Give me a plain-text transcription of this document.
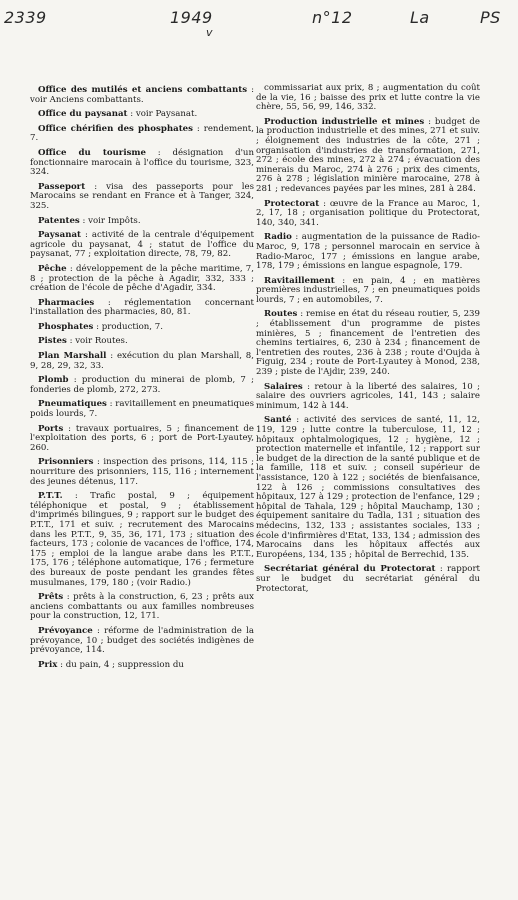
2339	1949
v
n°12	La	PS

Office des mutilés et anciens combattants : voir Anciens combattants.

Office du paysanat : voir Paysanat.

Office chérifien des phosphates : rendement, 7.

Office du tourisme : désignation d'un fonctionnaire marocain à l'office du tourisme, 323, 324.

Passeport : visa des passeports pour les Marocains se rendant en France et à Tanger, 324, 325.

Patentes : voir Impôts.

Paysanat : activité de la centrale d'équipement agricole du paysanat, 4 ; statut de l'office du paysanat, 77 ; exploitation directe, 78, 79, 82.

Pêche : développement de la pêche maritime, 7, 8 ; protection de la pêche à Agadir, 332, 333 ; création de l'école de pêche d'Agadir, 334.

Pharmacies : réglementation concernant l'installation des pharmacies, 80, 81.

Phosphates : production, 7.

Pistes : voir Routes.

Plan Marshall : exécution du plan Marshall, 8, 9, 28, 29, 32, 33.

Plomb : production du minerai de plomb, 7 ; fonderies de plomb, 272, 273.

Pneumatiques : ravitaillement en pneumatiques poids lourds, 7.

Ports : travaux portuaires, 5 ; financement de l'exploitation des ports, 6 ; port de Port-Lyautey, 260.

Prisonniers : inspection des prisons, 114, 115 ; nourriture des prisonniers, 115, 116 ; internement des jeunes détenus, 117.

P.T.T. : Trafic postal, 9 ; équipement téléphonique et postal, 9 ; établissement d'imprimés bilingues, 9 ; rapport sur le budget des P.T.T., 171 et suiv. ; recrutement des Marocains dans les P.T.T., 9, 35, 36, 171, 173 ; situation des facteurs, 173 ; colonie de vacances de l'office, 174, 175 ; emploi de la langue arabe dans les P.T.T., 175, 176 ; téléphone automatique, 176 ; fermeture des bureaux de poste pendant les grandes fêtes musulmanes, 179, 180 ; (voir Radio.)

Prêts : prêts à la construction, 6, 23 ; prêts aux anciens combattants ou aux familles nombreuses pour la construction, 12, 171.

Prévoyance : réforme de l'administration de la prévoyance, 10 ; budget des sociétés indigènes de prévoyance, 114.

Prix : du pain, 4 ; suppression du

commissariat aux prix, 8 ; augmentation du coût de la vie, 16 ; baisse des prix et lutte contre la vie chère, 55, 56, 99, 146, 332.

Production industrielle et mines : budget de la production industrielle et des mines, 271 et suiv. ; éloignement des industries de la côte, 271 ; organisation d'industries de transformation, 271, 272 ; école des mines, 272 à 274 ; évacuation des minerais du Maroc, 274 à 276 ; prix des ciments, 276 à 278 ; législation minière marocaine, 278 à 281 ; redevances payées par les mines, 281 à 284.

Protectorat : œuvre de la France au Maroc, 1, 2, 17, 18 ; organisation politique du Protectorat, 140, 340, 341.

Radio : augmentation de la puissance de Radio-Maroc, 9, 178 ; personnel marocain en service à Radio-Maroc, 177 ; émissions en langue arabe, 178, 179 ; émissions en langue espagnole, 179.

Ravitaillement : en pain, 4 ; en matières premières industrielles, 7 ; en pneumatiques poids lourds, 7 ; en automobiles, 7.

Routes : remise en état du réseau routier, 5, 239 ; établissement d'un programme de pistes minières, 5 ; financement de l'entretien des chemins tertiaires, 6, 230 à 234 ; financement de l'entretien des routes, 236 à 238 ; route d'Oujda à Figuig, 234 ; route de Port-Lyautey à Monod, 238, 239 ; piste de l'Ajdir, 239, 240.

Salaires : retour à la liberté des salaires, 10 ; salaire des ouvriers agricoles, 141, 143 ; salaire minimum, 142 à 144.

Santé : activité des services de santé, 11, 12, 119, 129 ; lutte contre la tuberculose, 11, 12 ; hôpitaux ophtalmologiques, 12 ; hygiène, 12 ; protection maternelle et infantile, 12 ; rapport sur le budget de la direction de la santé publique et de la famille, 118 et suiv. ; conseil supérieur de l'assistance, 120 à 122 ; sociétés de bienfaisance, 122 à 126 ; commissions consultatives des hôpitaux, 127 à 129 ; protection de l'enfance, 129 ; hôpital de Tahala, 129 ; hôpital Mauchamp, 130 ; équipement sanitaire du Tadla, 131 ; situation des médecins, 132, 133 ; assistantes sociales, 133 ; école d'infirmières d'Etat, 133, 134 ; admission des Marocains dans les hôpitaux affectés aux Européens, 134, 135 ; hôpital de Berrechid, 135.

Secrétariat général du Protectorat : rapport sur le budget du secrétariat général du Protectorat,
